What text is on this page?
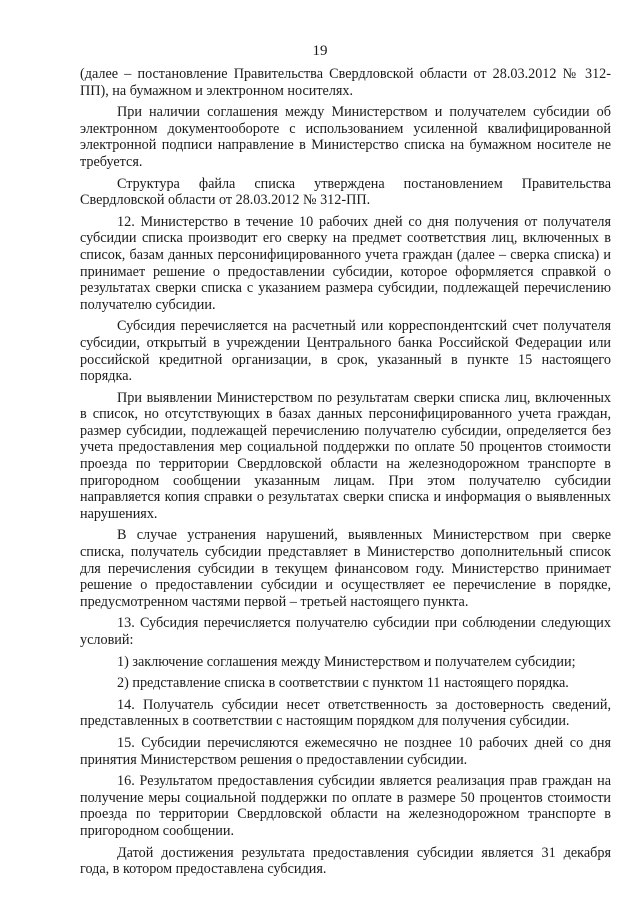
19

(далее – постановление Правительства Свердловской области от 28.03.2012 № 312-ПП), на бумажном и электронном носителях.

При наличии соглашения между Министерством и получателем субсидии об электронном документообороте с использованием усиленной квалифицированной электронной подписи направление в Министерство списка на бумажном носителе не требуется.

Структура файла списка утверждена постановлением Правительства Свердловской области от 28.03.2012 № 312-ПП.

12. Министерство в течение 10 рабочих дней со дня получения от получателя субсидии списка производит его сверку на предмет соответствия лиц, включенных в список, базам данных персонифицированного учета граждан (далее – сверка списка) и принимает решение о предоставлении субсидии, которое оформляется справкой о результатах сверки списка с указанием размера субсидии, подлежащей перечислению получателю субсидии.

Субсидия перечисляется на расчетный или корреспондентский счет получателя субсидии, открытый в учреждении Центрального банка Российской Федерации или российской кредитной организации, в срок, указанный в пункте 15 настоящего порядка.

При выявлении Министерством по результатам сверки списка лиц, включенных в список, но отсутствующих в базах данных персонифицированного учета граждан, размер субсидии, подлежащей перечислению получателю субсидии, определяется без учета предоставления мер социальной поддержки по оплате 50 процентов стоимости проезда по территории Свердловской области на железнодорожном транспорте в пригородном сообщении указанным лицам. При этом получателю субсидии направляется копия справки о результатах сверки списка и информация о выявленных нарушениях.

В случае устранения нарушений, выявленных Министерством при сверке списка, получатель субсидии представляет в Министерство дополнительный список для перечисления субсидии в текущем финансовом году. Министерство принимает решение о предоставлении субсидии и осуществляет ее перечисление в порядке, предусмотренном частями первой – третьей настоящего пункта.

13. Субсидия перечисляется получателю субсидии при соблюдении следующих условий:

1) заключение соглашения между Министерством и получателем субсидии;

2) представление списка в соответствии с пунктом 11 настоящего порядка.

14. Получатель субсидии несет ответственность за достоверность сведений, представленных в соответствии с настоящим порядком для получения субсидии.

15. Субсидии перечисляются ежемесячно не позднее 10 рабочих дней со дня принятия Министерством решения о предоставлении субсидии.

16. Результатом предоставления субсидии является реализация прав граждан на получение меры социальной поддержки по оплате в размере 50 процентов стоимости проезда по территории Свердловской области на железнодорожном транспорте в пригородном сообщении.

Датой достижения результата предоставления субсидии является 31 декабря года, в котором предоставлена субсидия.
